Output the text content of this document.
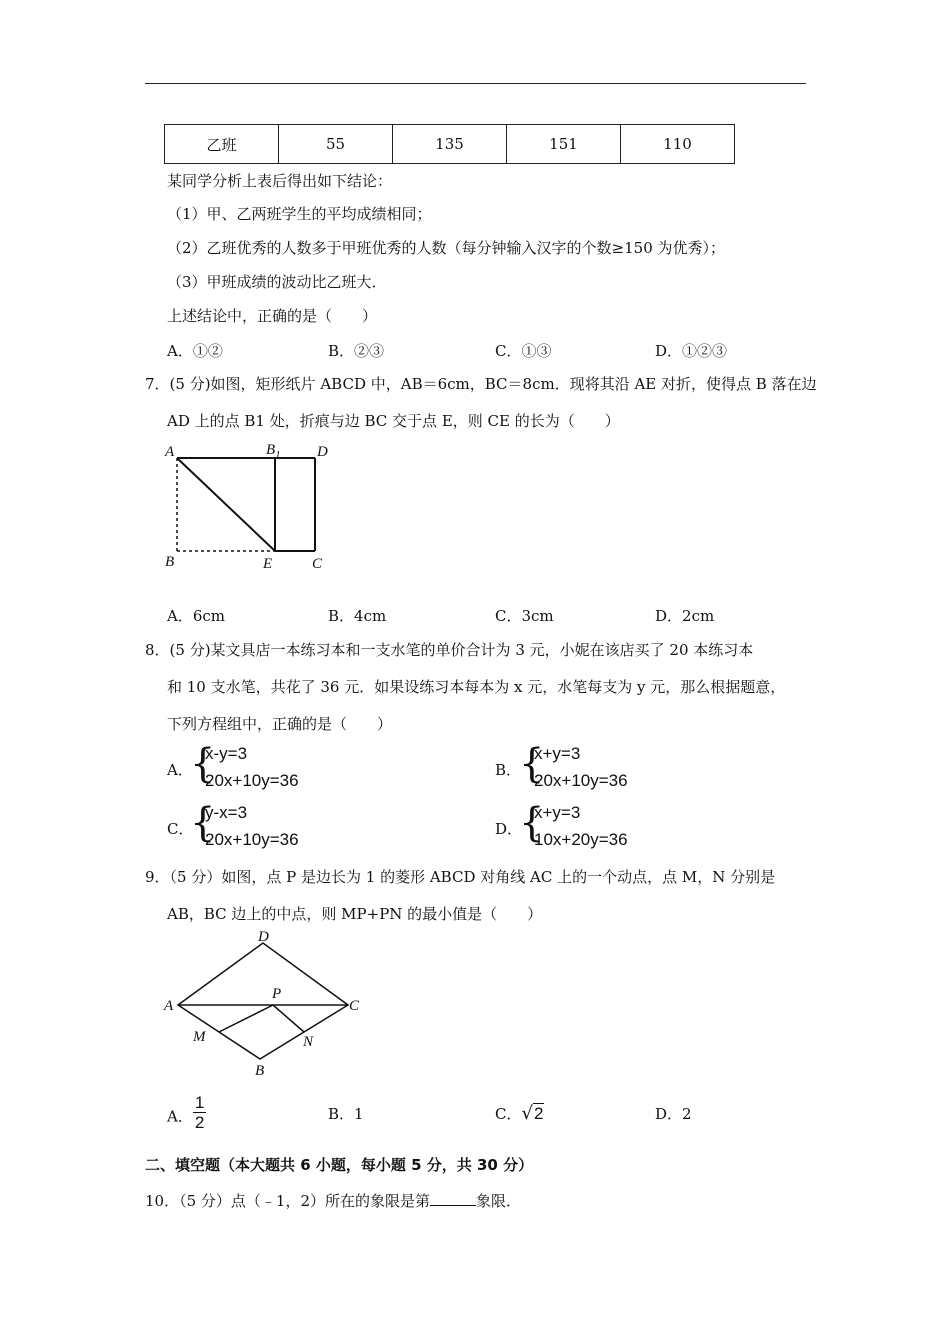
乙班	55	135	151	110
某同学分析上表后得出如下结论：
（1）甲、乙两班学生的平均成绩相同；
（2）乙班优秀的人数多于甲班优秀的人数（每分钟输入汉字的个数≥150 为优秀）；
（3）甲班成绩的波动比乙班大．
上述结论中，正确的是（　　）
A．①②	B．②③	C．①③	D．①②③
7．(5 分)如图，矩形纸片 ABCD 中，AB＝6cm，BC＝8cm．现将其沿 AE 对折，使得点 B 落在边
AD 上的点 B1 处，折痕与边 BC 交于点 E，则 CE 的长为（　　）
A	$B_1$ D
B	E	C
A．6cm	B．4cm	C．3cm	D．2cm
8．(5 分)某文具店一本练习本和一支水笔的单价合计为 3 元，小妮在该店买了 20 本练习本
和 10 支水笔，共花了 36 元．如果设练习本每本为 x 元，水笔每支为 y 元，那么根据题意，
下列方程组中，正确的是（　　）
A．
{
x-y=3
20x+10y=36
B．
{
x+y=3
20x+10y=36
C．
{
y-x=3
20x+10y=36
D．
{
x+y=3
10x+20y=36
9．（5 分）如图，点 P 是边长为 1 的菱形 ABCD 对角线 AC 上的一个动点，点 M，N 分别是
AB，BC 边上的中点，则 MP+PN 的最小值是（　　）
D
A
P
C
M	N
B
A． $\frac{1}{2}$	B．1	C．√2	D．2
二、填空题（本大题共 6 小题，每小题 5 分，共 30 分）
10．（5 分）点（﹣1，2）所在的象限是第	象限．
